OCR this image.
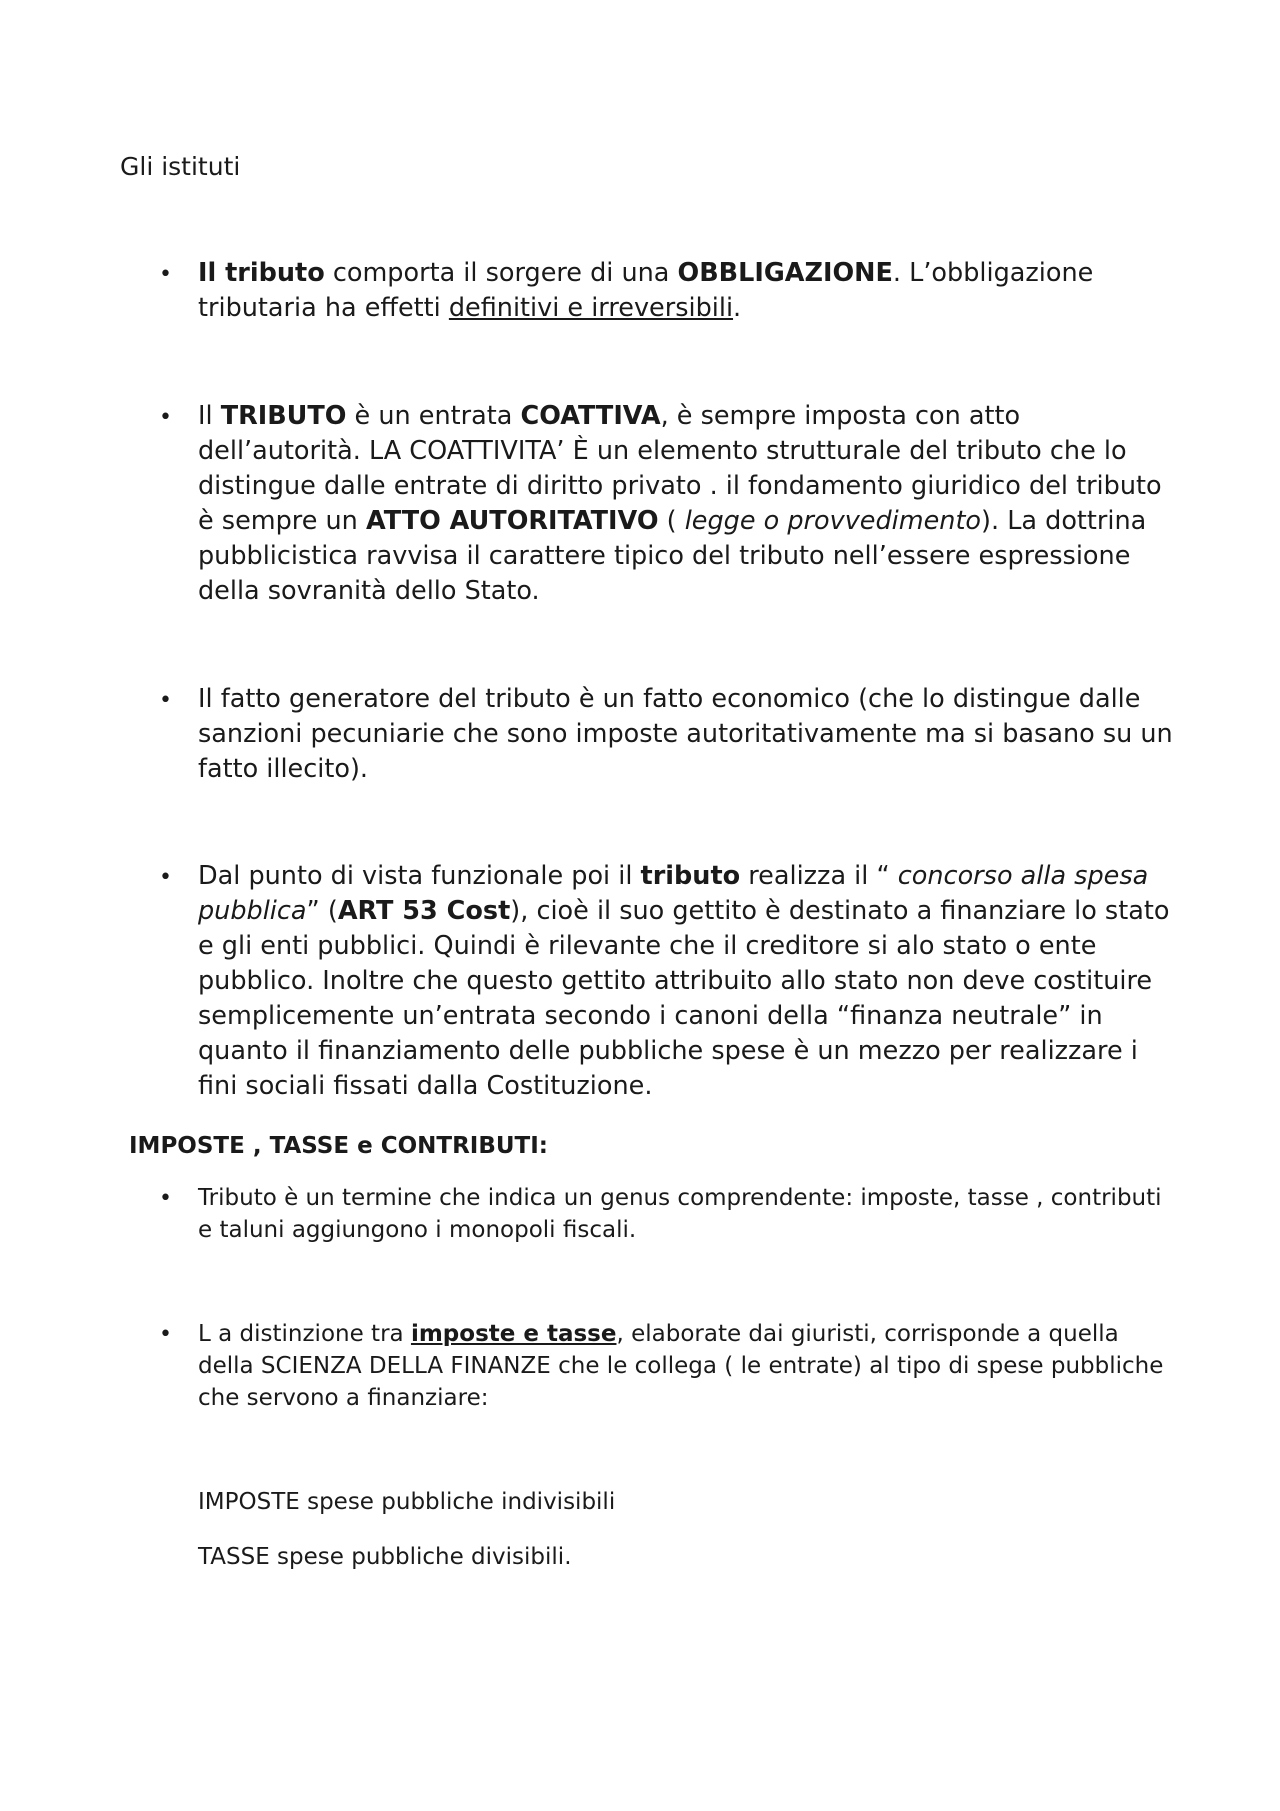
Gli istituti
•	Il tributo comporta il sorgere di una OBBLIGAZIONE. L’obbligazione tributaria ha effetti definitivi e irreversibili.

•	Il TRIBUTO è un entrata COATTIVA, è sempre imposta con atto dell’autorità. LA COATTIVITA’ È un elemento strutturale del tributo che lo distingue dalle entrate di diritto privato . il fondamento giuridico del tributo è sempre un ATTO AUTORITATIVO ( legge o provvedimento). La dottrina pubblicistica ravvisa il carattere tipico del tributo nell’essere espressione della sovranità dello Stato.

•	Il fatto generatore del tributo è un fatto economico (che lo distingue dalle sanzioni pecuniarie che sono imposte autoritativamente ma si basano su un fatto illecito).

•	Dal punto di vista funzionale poi il tributo realizza il “ concorso alla spesa pubblica” (ART 53 Cost), cioè il suo gettito è destinato a finanziare lo stato e gli enti pubblici. Quindi è rilevante che il creditore si alo stato o ente pubblico. Inoltre che questo gettito attribuito allo stato non deve costituire semplicemente un’entrata secondo i canoni della “finanza neutrale” in quanto il finanziamento delle pubbliche spese è un mezzo per realizzare i fini sociali fissati dalla Costituzione.

IMPOSTE , TASSE e CONTRIBUTI:
•	Tributo è un termine che indica un genus comprendente: imposte, tasse , contributi e taluni aggiungono i monopoli fiscali.

•	L a distinzione tra imposte e tasse, elaborate dai giuristi, corrisponde a quella della SCIENZA DELLA FINANZE che le collega ( le entrate) al tipo di spese pubbliche che servono a finanziare:

IMPOSTE spese pubbliche indivisibili

TASSE spese pubbliche divisibili.
